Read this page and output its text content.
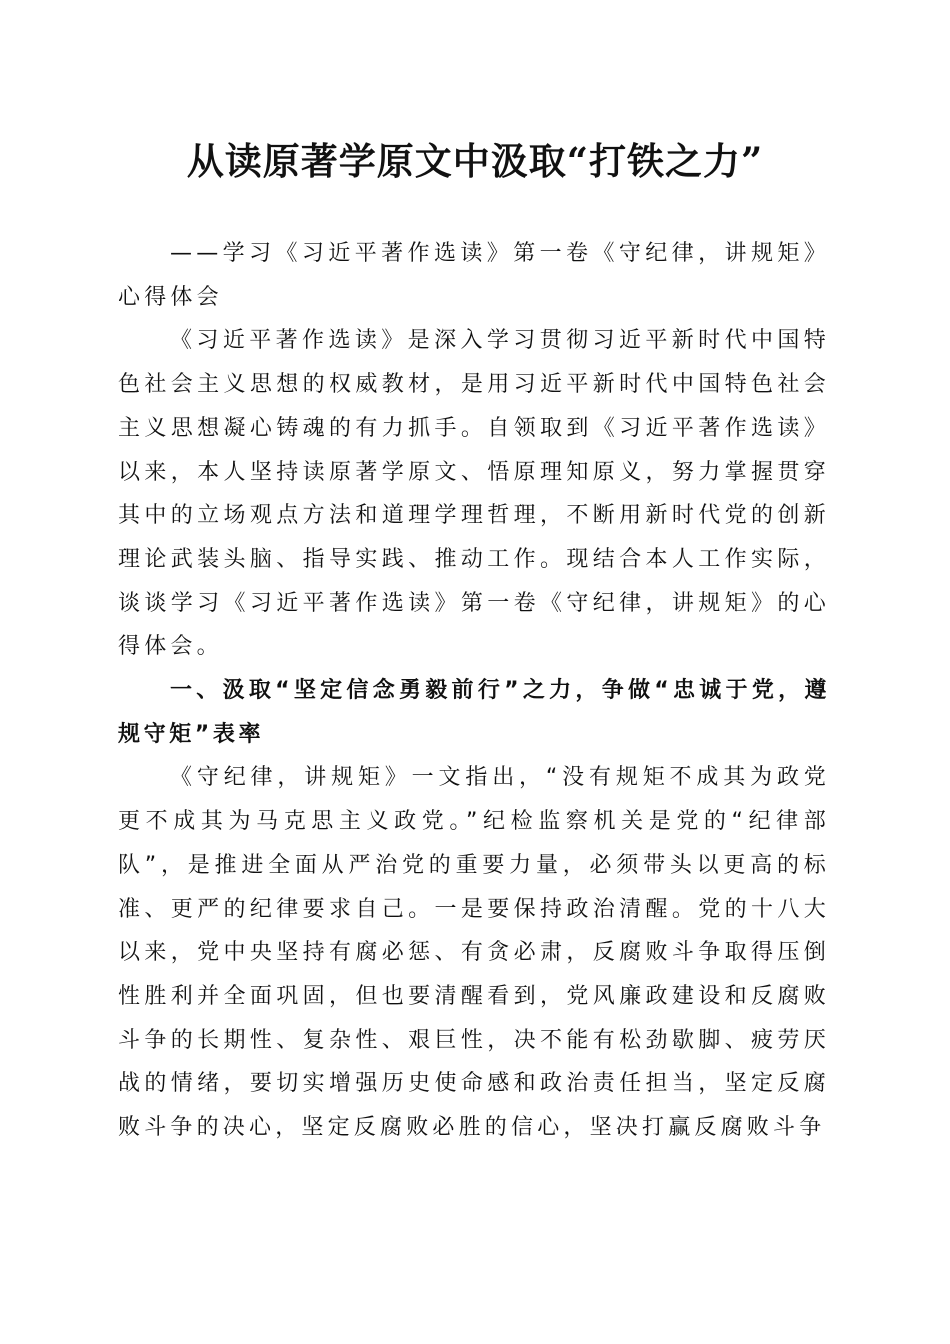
从读原著学原文中汲取“打铁之力”

——学习《习近平著作选读》第一卷《守纪律，讲规矩》心得体会

《习近平著作选读》是深入学习贯彻习近平新时代中国特色社会主义思想的权威教材，是用习近平新时代中国特色社会主义思想凝心铸魂的有力抓手。自领取到《习近平著作选读》以来，本人坚持读原著学原文、悟原理知原义，努力掌握贯穿其中的立场观点方法和道理学理哲理，不断用新时代党的创新理论武装头脑、指导实践、推动工作。现结合本人工作实际，谈谈学习《习近平著作选读》第一卷《守纪律，讲规矩》的心得体会。

一、汲取“坚定信念勇毅前行”之力，争做“忠诚于党，遵规守矩”表率

《守纪律，讲规矩》一文指出，“没有规矩不成其为政党更不成其为马克思主义政党。”纪检监察机关是党的“纪律部队”，是推进全面从严治党的重要力量，必须带头以更高的标准、更严的纪律要求自己。一是要保持政治清醒。党的十八大以来，党中央坚持有腐必惩、有贪必肃，反腐败斗争取得压倒性胜利并全面巩固，但也要清醒看到，党风廉政建设和反腐败斗争的长期性、复杂性、艰巨性，决不能有松劲歇脚、疲劳厌战的情绪，要切实增强历史使命感和政治责任担当，坚定反腐败斗争的决心，坚定反腐败必胜的信心，坚决打赢反腐败斗争
